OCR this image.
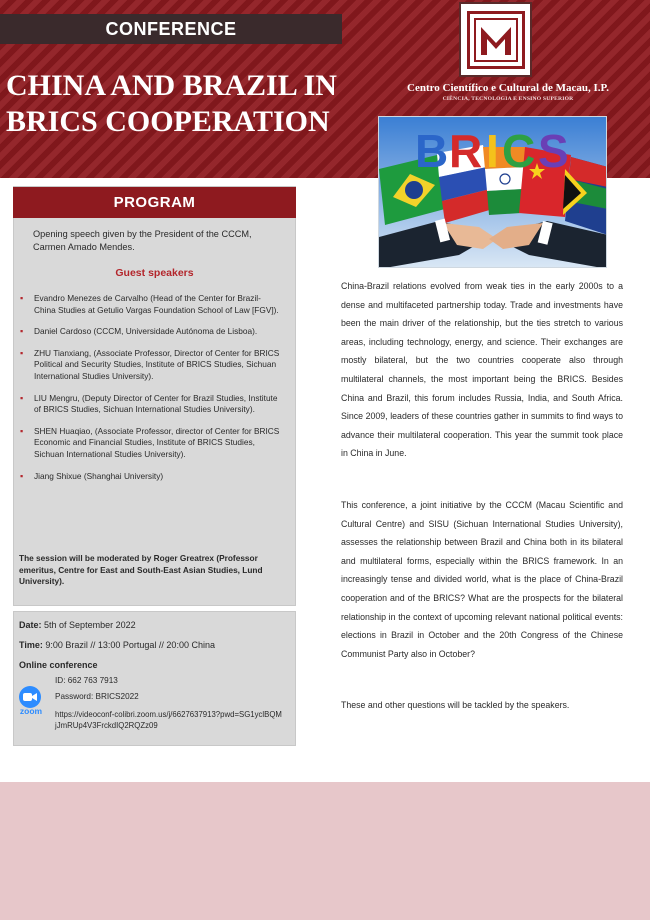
CONFERENCE
CHINA AND BRAZIL IN
BRICS COOPERATION
M
Centro Científico e Cultural de Macau, I.P.
CIÊNCIA, TECNOLOGIA E ENSINO SUPERIOR
B R I C S
PROGRAM

Opening speech given by the President of the CCCM, Carmen Amado Mendes.

Guest speakers
▪ Evandro Menezes de Carvalho (Head of the Center for Brazil-China Studies at Getulio Vargas Foundation School of Law [FGV]).
▪ Daniel Cardoso (CCCM, Universidade Autónoma de Lisboa).
▪ ZHU Tianxiang, (Associate Professor, Director of Center for BRICS Political and Security Studies, Institute of BRICS Studies, Sichuan International Studies University).
▪ LIU Mengru, (Deputy Director of Center for Brazil Studies, Institute of BRICS Studies, Sichuan International Studies University).
▪ SHEN Huaqiao, (Associate Professor, director of Center for BRICS Economic and Financial Studies, Institute of BRICS Studies, Sichuan International Studies University).
▪ Jiang Shixue (Shanghai University)

The session will be moderated by Roger Greatrex (Professor emeritus, Centre for East and South-East Asian Studies, Lund University).

Date: 5th of September 2022
Time: 9:00 Brazil // 13:00 Portugal // 20:00 China
Online conference
ID: 662 763 7913
zoom
Password: BRICS2022
https://videoconf-colibri.zoom.us/j/6627637913?pwd=SG1yclBQMjJmRUp4V3FrckdIQ2RQZz09

China-Brazil relations evolved from weak ties in the early 2000s to a dense and multifaceted partnership today. Trade and investments have been the main driver of the relationship, but the ties stretch to various areas, including technology, energy, and science. Their exchanges are mostly bilateral, but the two countries cooperate also through multilateral channels, the most important being the BRICS. Besides China and Brazil, this forum includes Russia, India, and South Africa. Since 2009, leaders of these countries gather in summits to find ways to advance their multilateral cooperation. This year the summit took place in China in June.

This conference, a joint initiative by the CCCM (Macau Scientific and Cultural Centre) and SISU (Sichuan International Studies University), assesses the relationship between Brazil and China both in its bilateral and multilateral forms, especially within the BRICS framework. In an increasingly tense and divided world, what is the place of China-Brazil cooperation and of the BRICS? What are the prospects for the bilateral relationship in the context of upcoming relevant national political events: elections in Brazil in October and the 20th Congress of the Chinese Communist Party also in October?

These and other questions will be tackled by the speakers.
